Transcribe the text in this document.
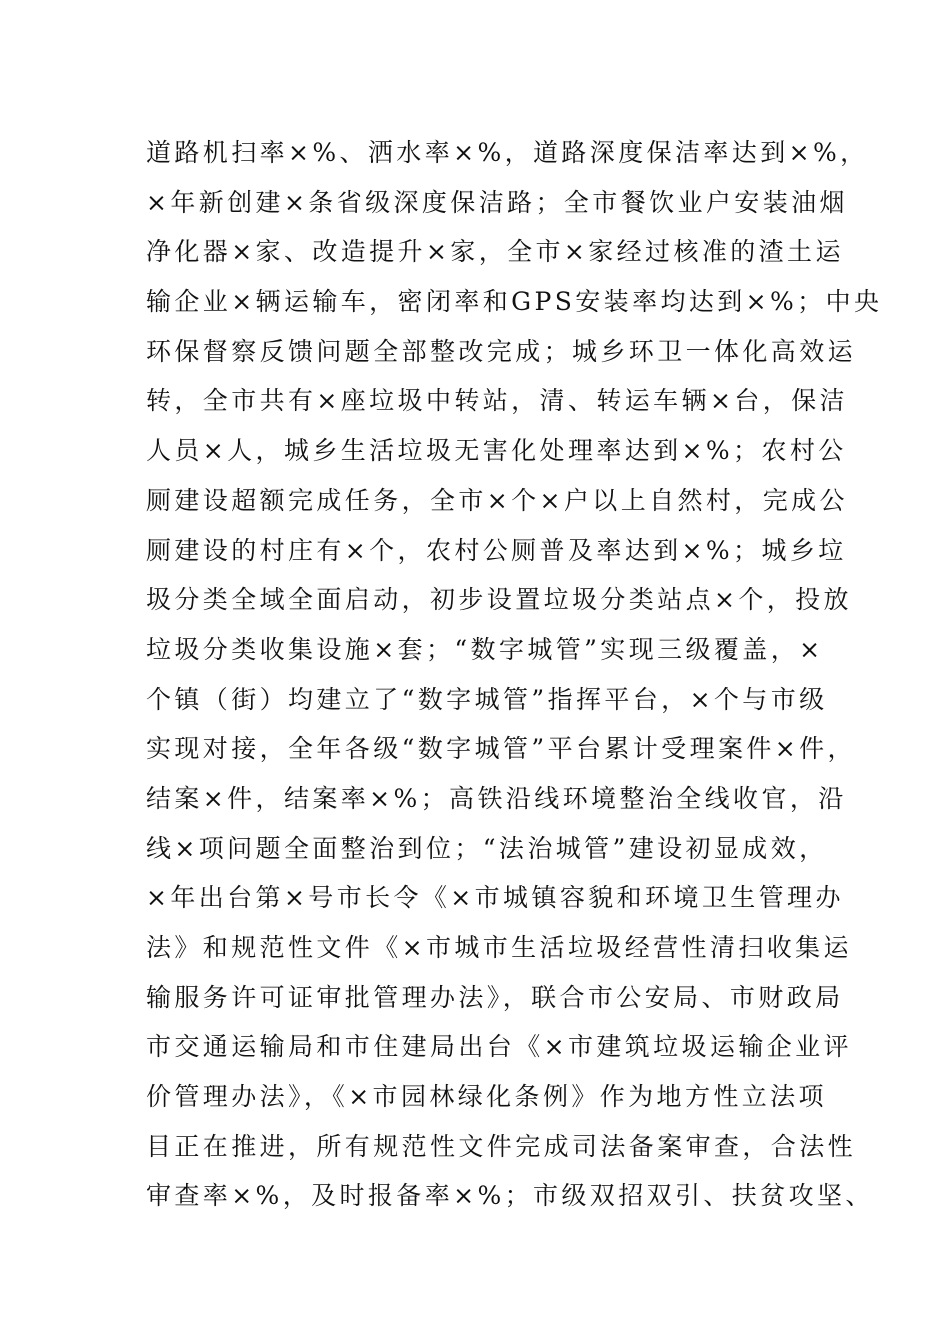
道路机扫率×%、洒水率×%，道路深度保洁率达到×%，
×年新创建×条省级深度保洁路；全市餐饮业户安装油烟
净化器×家、改造提升×家，全市×家经过核准的渣土运
输企业×辆运输车，密闭率和GPS安装率均达到×%；中央
环保督察反馈问题全部整改完成；城乡环卫一体化高效运
转，全市共有×座垃圾中转站，清、转运车辆×台，保洁
人员×人，城乡生活垃圾无害化处理率达到×%；农村公
厕建设超额完成任务，全市×个×户以上自然村，完成公
厕建设的村庄有×个，农村公厕普及率达到×%；城乡垃
圾分类全域全面启动，初步设置垃圾分类站点×个，投放
垃圾分类收集设施×套；“数字城管”实现三级覆盖，×
个镇（街）均建立了“数字城管”指挥平台，×个与市级
实现对接，全年各级“数字城管”平台累计受理案件×件，
结案×件，结案率×%；高铁沿线环境整治全线收官，沿
线×项问题全面整治到位；“法治城管”建设初显成效，
×年出台第×号市长令《×市城镇容貌和环境卫生管理办
法》和规范性文件《×市城市生活垃圾经营性清扫收集运
输服务许可证审批管理办法》，联合市公安局、市财政局
市交通运输局和市住建局出台《×市建筑垃圾运输企业评
价管理办法》，《×市园林绿化条例》作为地方性立法项
目正在推进，所有规范性文件完成司法备案审查，合法性
审查率×%，及时报备率×%；市级双招双引、扶贫攻坚、
